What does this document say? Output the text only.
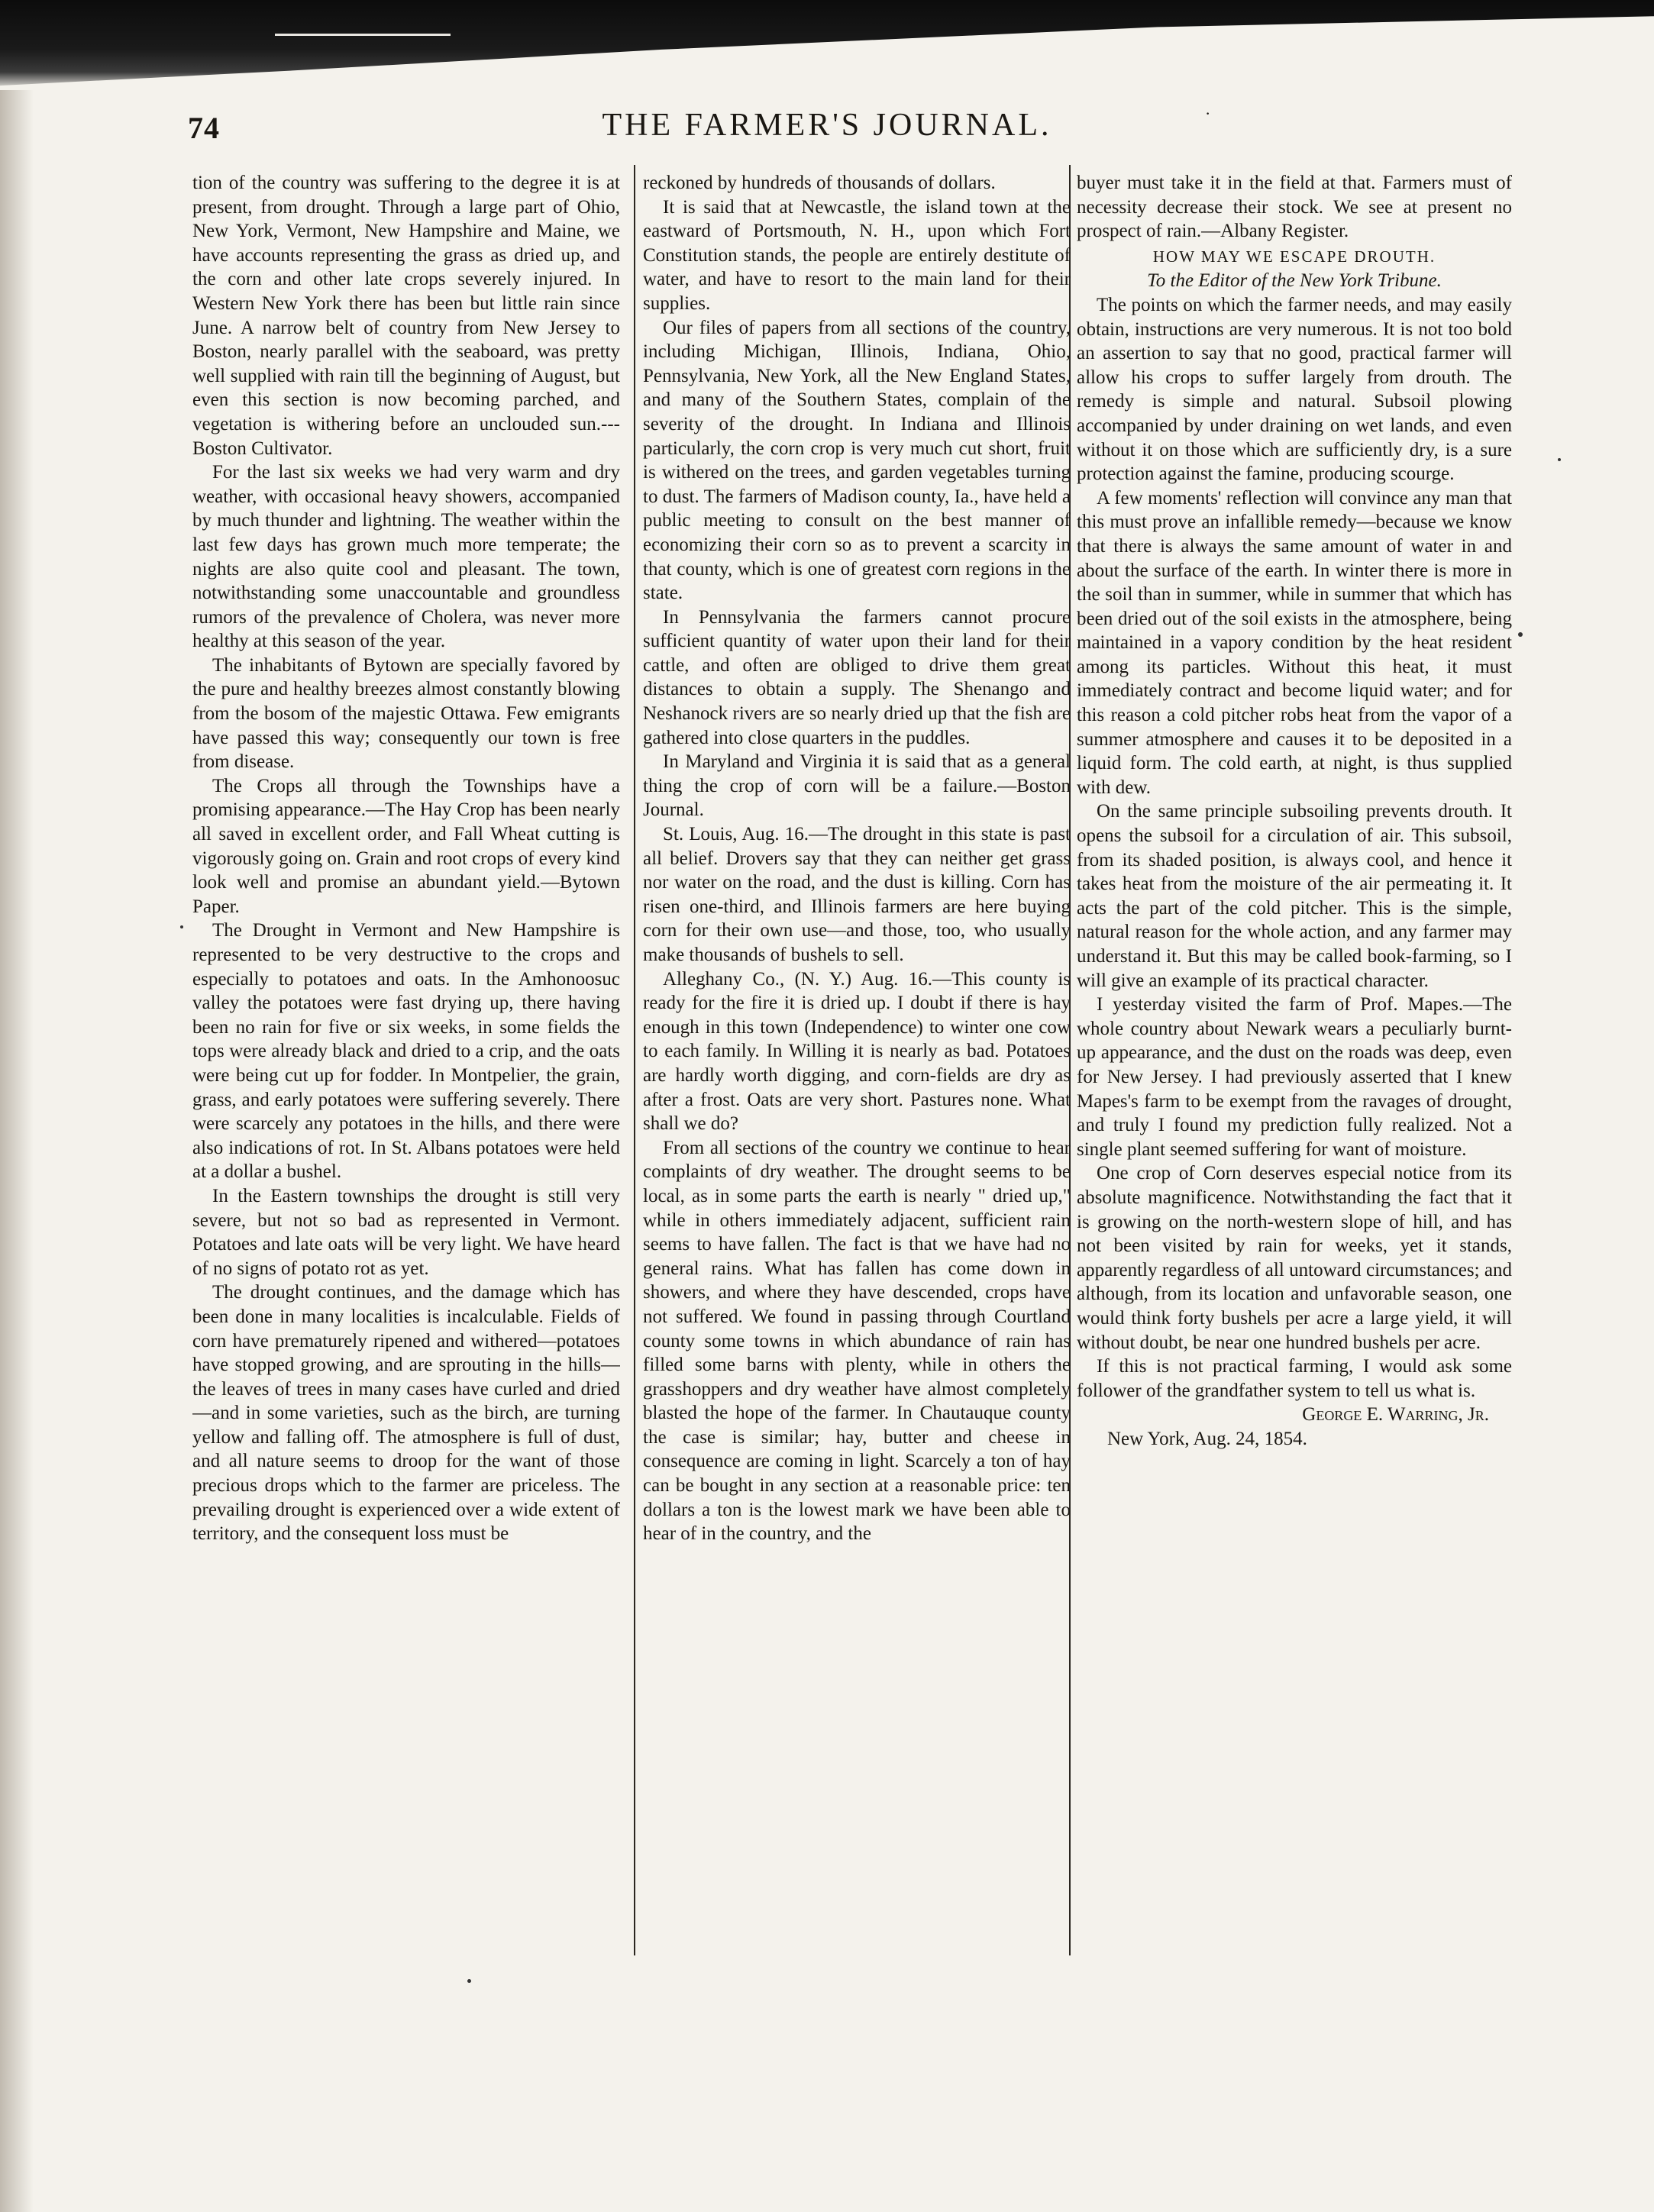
74	THE FARMER'S JOURNAL.	·

tion of the country was suffering to the degree it is at present, from drought. Through a large part of Ohio, New York, Vermont, New Hampshire and Maine, we have accounts representing the grass as dried up, and the corn and other late crops severely injured. In Western New York there has been but little rain since June. A narrow belt of country from New Jersey to Boston, nearly parallel with the seaboard, was pretty well supplied with rain till the beginning of August, but even this section is now becoming parched, and vegetation is withering before an unclouded sun.---Boston Cultivator.

For the last six weeks we had very warm and dry weather, with occasional heavy showers, accompanied by much thunder and lightning. The weather within the last few days has grown much more temperate; the nights are also quite cool and pleasant. The town, notwithstanding some unaccountable and groundless rumors of the prevalence of Cholera, was never more healthy at this season of the year.

The inhabitants of Bytown are specially favored by the pure and healthy breezes almost constantly blowing from the bosom of the majestic Ottawa. Few emigrants have passed this way; consequently our town is free from disease.

The Crops all through the Townships have a promising appearance.—The Hay Crop has been nearly all saved in excellent order, and Fall Wheat cutting is vigorously going on. Grain and root crops of every kind look well and promise an abundant yield.—Bytown Paper.

The Drought in Vermont and New Hampshire is represented to be very destructive to the crops and especially to potatoes and oats. In the Amhonoosuc valley the potatoes were fast drying up, there having been no rain for five or six weeks, in some fields the tops were already black and dried to a crip, and the oats were being cut up for fodder. In Montpelier, the grain, grass, and early potatoes were suffering severely. There were scarcely any potatoes in the hills, and there were also indications of rot. In St. Albans potatoes were held at a dollar a bushel.

In the Eastern townships the drought is still very severe, but not so bad as represented in Vermont. Potatoes and late oats will be very light. We have heard of no signs of potato rot as yet.

The drought continues, and the damage which has been done in many localities is incalculable. Fields of corn have prematurely ripened and withered—potatoes have stopped growing, and are sprouting in the hills—the leaves of trees in many cases have curled and dried—and in some varieties, such as the birch, are turning yellow and falling off. The atmosphere is full of dust, and all nature seems to droop for the want of those precious drops which to the farmer are priceless. The prevailing drought is experienced over a wide extent of territory, and the consequent loss must be

reckoned by hundreds of thousands of dollars.

It is said that at Newcastle, the island town at the eastward of Portsmouth, N. H., upon which Fort Constitution stands, the people are entirely destitute of water, and have to resort to the main land for their supplies.

Our files of papers from all sections of the country, including Michigan, Illinois, Indiana, Ohio, Pennsylvania, New York, all the New England States, and many of the Southern States, complain of the severity of the drought. In Indiana and Illinois particularly, the corn crop is very much cut short, fruit is withered on the trees, and garden vegetables turning to dust. The farmers of Madison county, Ia., have held a public meeting to consult on the best manner of economizing their corn so as to prevent a scarcity in that county, which is one of greatest corn regions in the state.

In Pennsylvania the farmers cannot procure sufficient quantity of water upon their land for their cattle, and often are obliged to drive them great distances to obtain a supply. The Shenango and Neshanock rivers are so nearly dried up that the fish are gathered into close quarters in the puddles.

In Maryland and Virginia it is said that as a general thing the crop of corn will be a failure.—Boston Journal.

St. Louis, Aug. 16.—The drought in this state is past all belief. Drovers say that they can neither get grass nor water on the road, and the dust is killing. Corn has risen one-third, and Illinois farmers are here buying corn for their own use—and those, too, who usually make thousands of bushels to sell.

Alleghany Co., (N. Y.) Aug. 16.—This county is ready for the fire it is dried up. I doubt if there is hay enough in this town (Independence) to winter one cow to each family. In Willing it is nearly as bad. Potatoes are hardly worth digging, and corn-fields are dry as after a frost. Oats are very short. Pastures none. What shall we do?

From all sections of the country we continue to hear complaints of dry weather. The drought seems to be local, as in some parts the earth is nearly " dried up," while in others immediately adjacent, sufficient rain seems to have fallen. The fact is that we have had no general rains. What has fallen has come down in showers, and where they have descended, crops have not suffered. We found in passing through Courtland county some towns in which abundance of rain has filled some barns with plenty, while in others the grasshoppers and dry weather have almost completely blasted the hope of the farmer. In Chautauque county the case is similar; hay, butter and cheese in consequence are coming in light. Scarcely a ton of hay can be bought in any section at a reasonable price: ten dollars a ton is the lowest mark we have been able to hear of in the country, and the

buyer must take it in the field at that. Farmers must of necessity decrease their stock. We see at present no prospect of rain.—Albany Register.

HOW MAY WE ESCAPE DROUTH.

To the Editor of the New York Tribune.

The points on which the farmer needs, and may easily obtain, instructions are very numerous. It is not too bold an assertion to say that no good, practical farmer will allow his crops to suffer largely from drouth. The remedy is simple and natural. Subsoil plowing accompanied by under draining on wet lands, and even without it on those which are sufficiently dry, is a sure protection against the famine, producing scourge.

A few moments' reflection will convince any man that this must prove an infallible remedy—because we know that there is always the same amount of water in and about the surface of the earth. In winter there is more in the soil than in summer, while in summer that which has been dried out of the soil exists in the atmosphere, being maintained in a vapory condition by the heat resident among its particles. Without this heat, it must immediately contract and become liquid water; and for this reason a cold pitcher robs heat from the vapor of a summer atmosphere and causes it to be deposited in a liquid form. The cold earth, at night, is thus supplied with dew.

On the same principle subsoiling prevents drouth. It opens the subsoil for a circulation of air. This subsoil, from its shaded position, is always cool, and hence it takes heat from the moisture of the air permeating it. It acts the part of the cold pitcher. This is the simple, natural reason for the whole action, and any farmer may understand it. But this may be called book-farming, so I will give an example of its practical character.

I yesterday visited the farm of Prof. Mapes.—The whole country about Newark wears a peculiarly burnt-up appearance, and the dust on the roads was deep, even for New Jersey. I had previously asserted that I knew Mapes's farm to be exempt from the ravages of drought, and truly I found my prediction fully realized. Not a single plant seemed suffering for want of moisture.

One crop of Corn deserves especial notice from its absolute magnificence. Notwithstanding the fact that it is growing on the north-western slope of hill, and has not been visited by rain for weeks, yet it stands, apparently regardless of all untoward circumstances; and although, from its location and unfavorable season, one would think forty bushels per acre a large yield, it will without doubt, be near one hundred bushels per acre.

If this is not practical farming, I would ask some follower of the grandfather system to tell us what is.

George E. Warring, Jr.

New York, Aug. 24, 1854.
